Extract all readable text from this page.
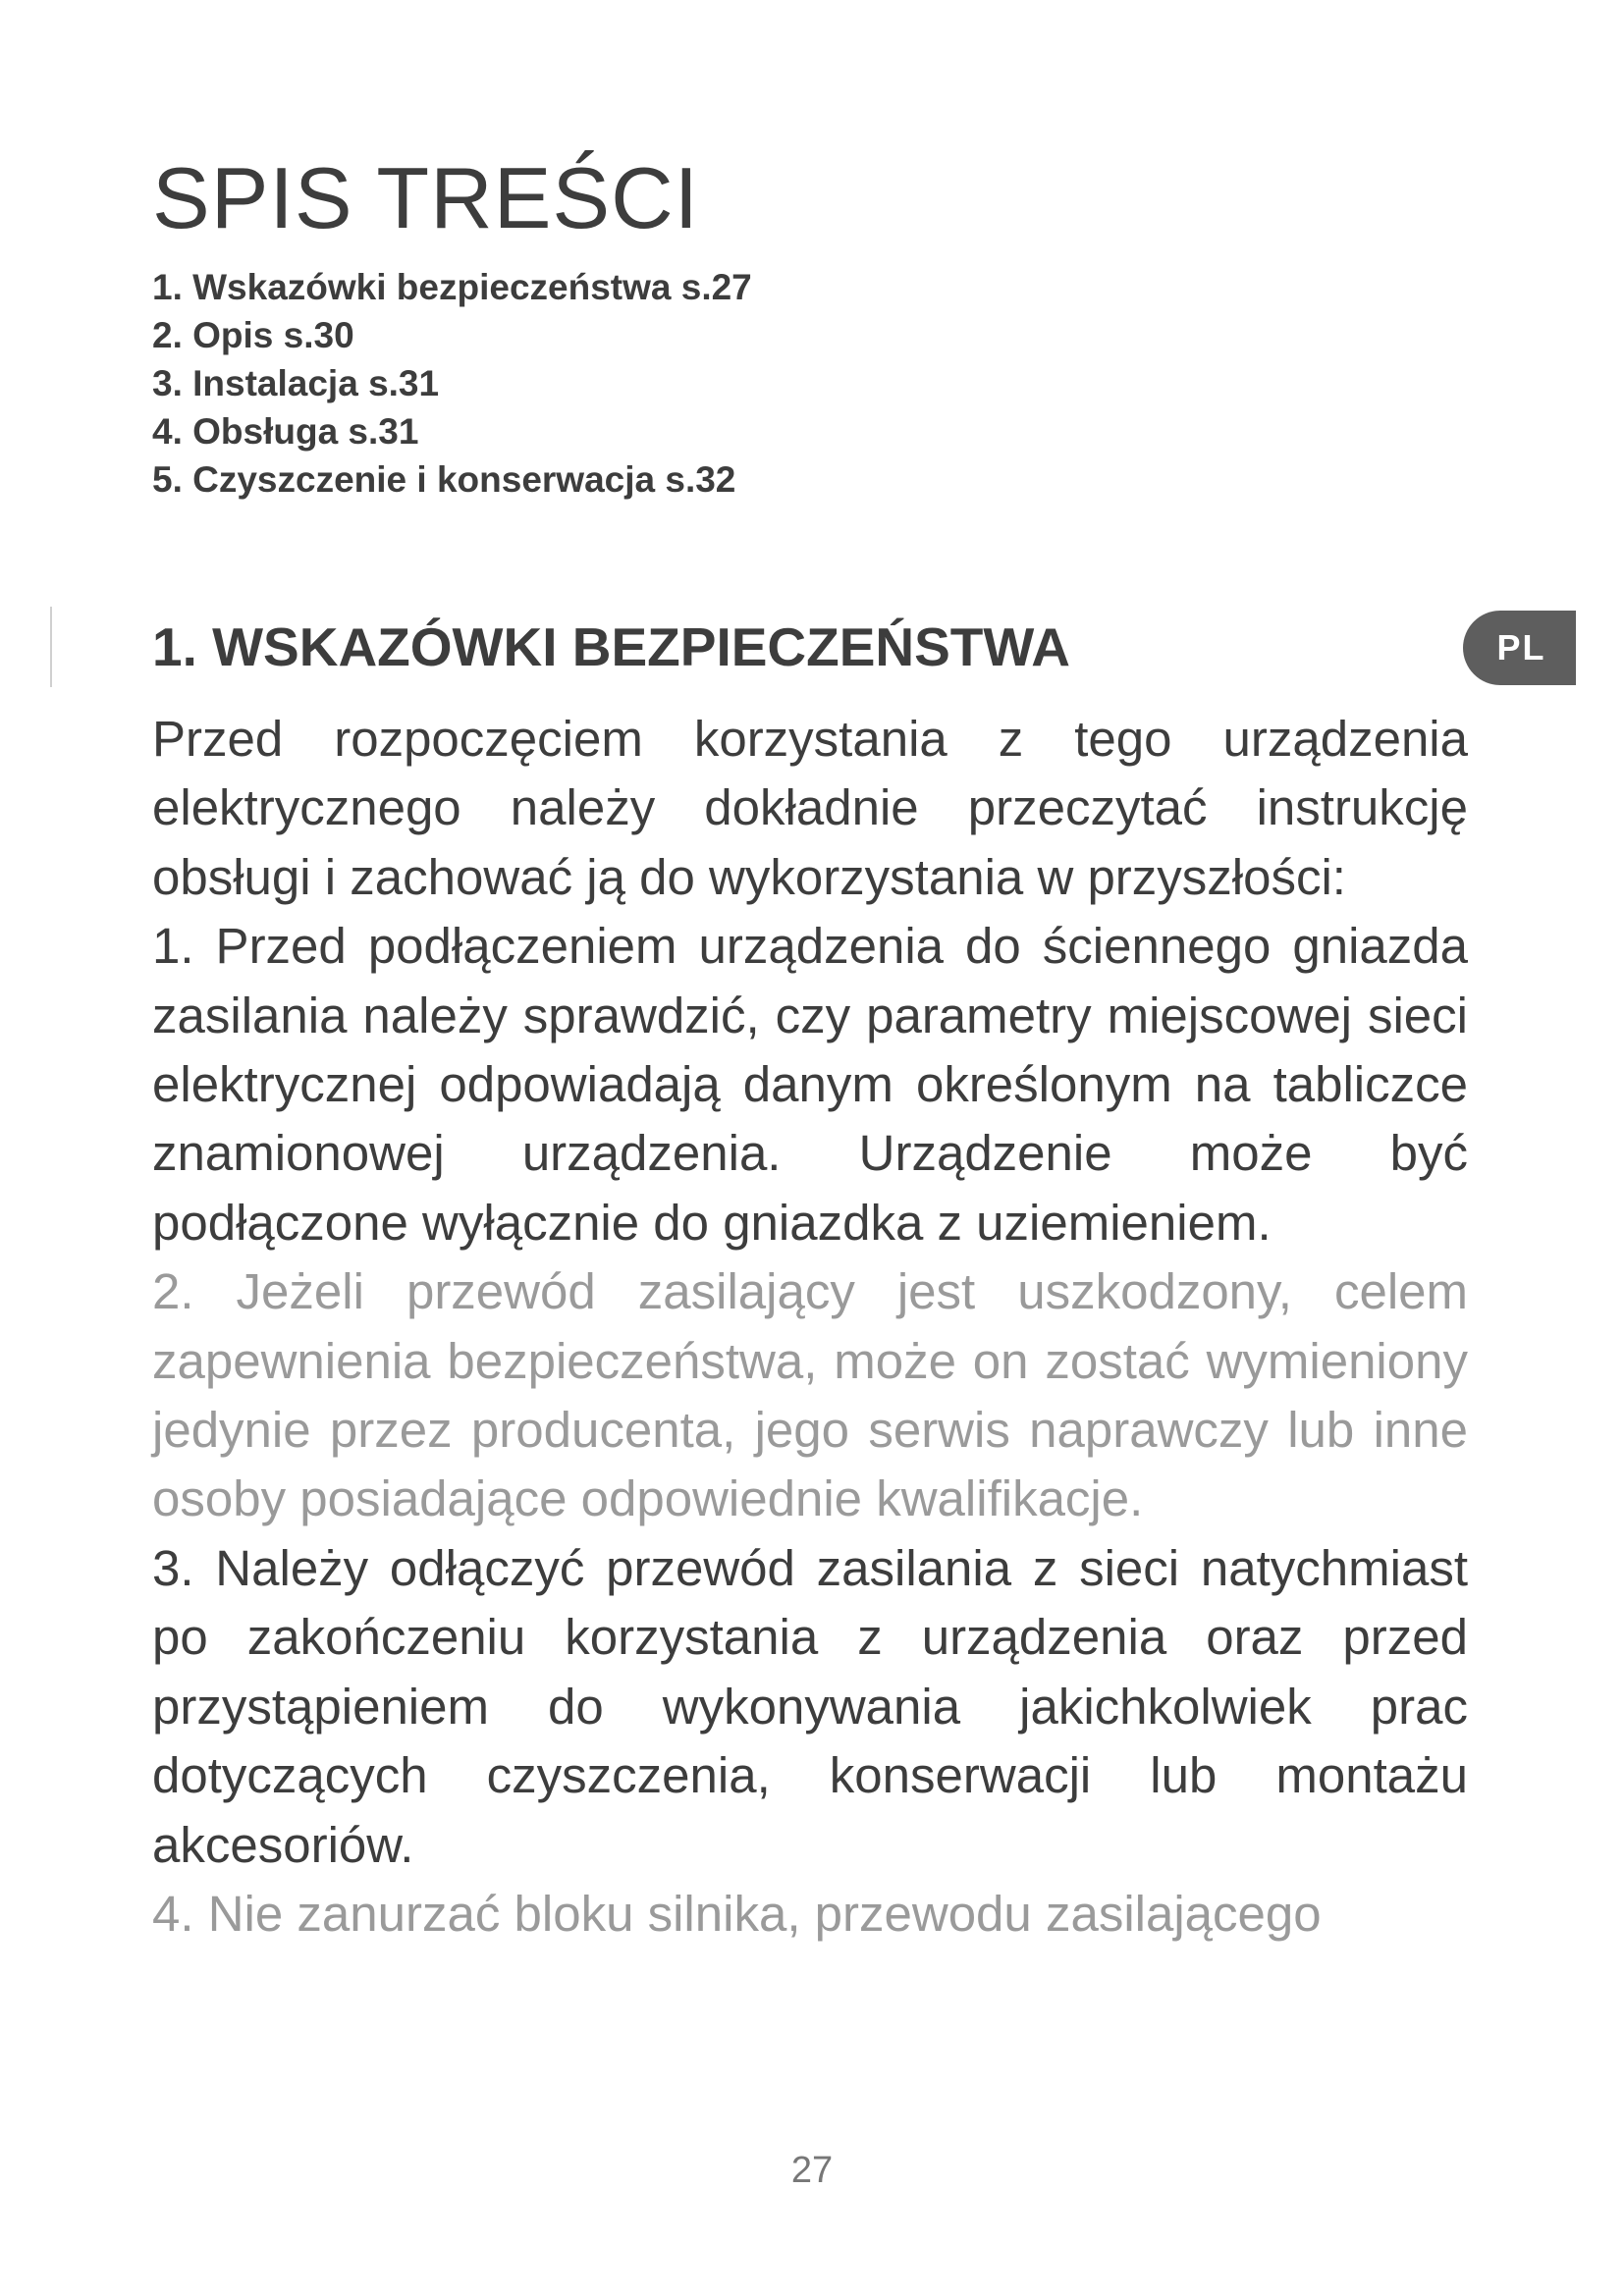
SPIS TREŚCI
1. Wskazówki bezpieczeństwa s.27
2. Opis s.30
3. Instalacja s.31
4. Obsługa s.31
5. Czyszczenie i konserwacja s.32
1. WSKAZÓWKI BEZPIECZEŃSTWA	PL

Przed rozpoczęciem korzystania z tego urządzenia elektrycznego należy dokładnie przeczytać instrukcję obsługi i zachować ją do wykorzystania w przyszłości:

1. Przed podłączeniem urządzenia do ściennego gniazda zasilania należy sprawdzić, czy parametry miejscowej sieci elektrycznej odpowiadają danym określonym na tabliczce znamionowej urządzenia. Urządzenie może być podłączone wyłącznie do gniazdka z uziemieniem.

2. Jeżeli przewód zasilający jest uszkodzony, celem zapewnienia bezpieczeństwa, może on zostać wymieniony jedynie przez producenta, jego serwis naprawczy lub inne osoby posiadające odpowiednie kwalifikacje.

3. Należy odłączyć przewód zasilania z sieci natychmiast po zakończeniu korzystania z urządzenia oraz przed przystąpieniem do wykonywania jakichkolwiek prac dotyczących czyszczenia, konserwacji lub montażu akcesoriów.

4. Nie zanurzać bloku silnika, przewodu zasilającego

27
